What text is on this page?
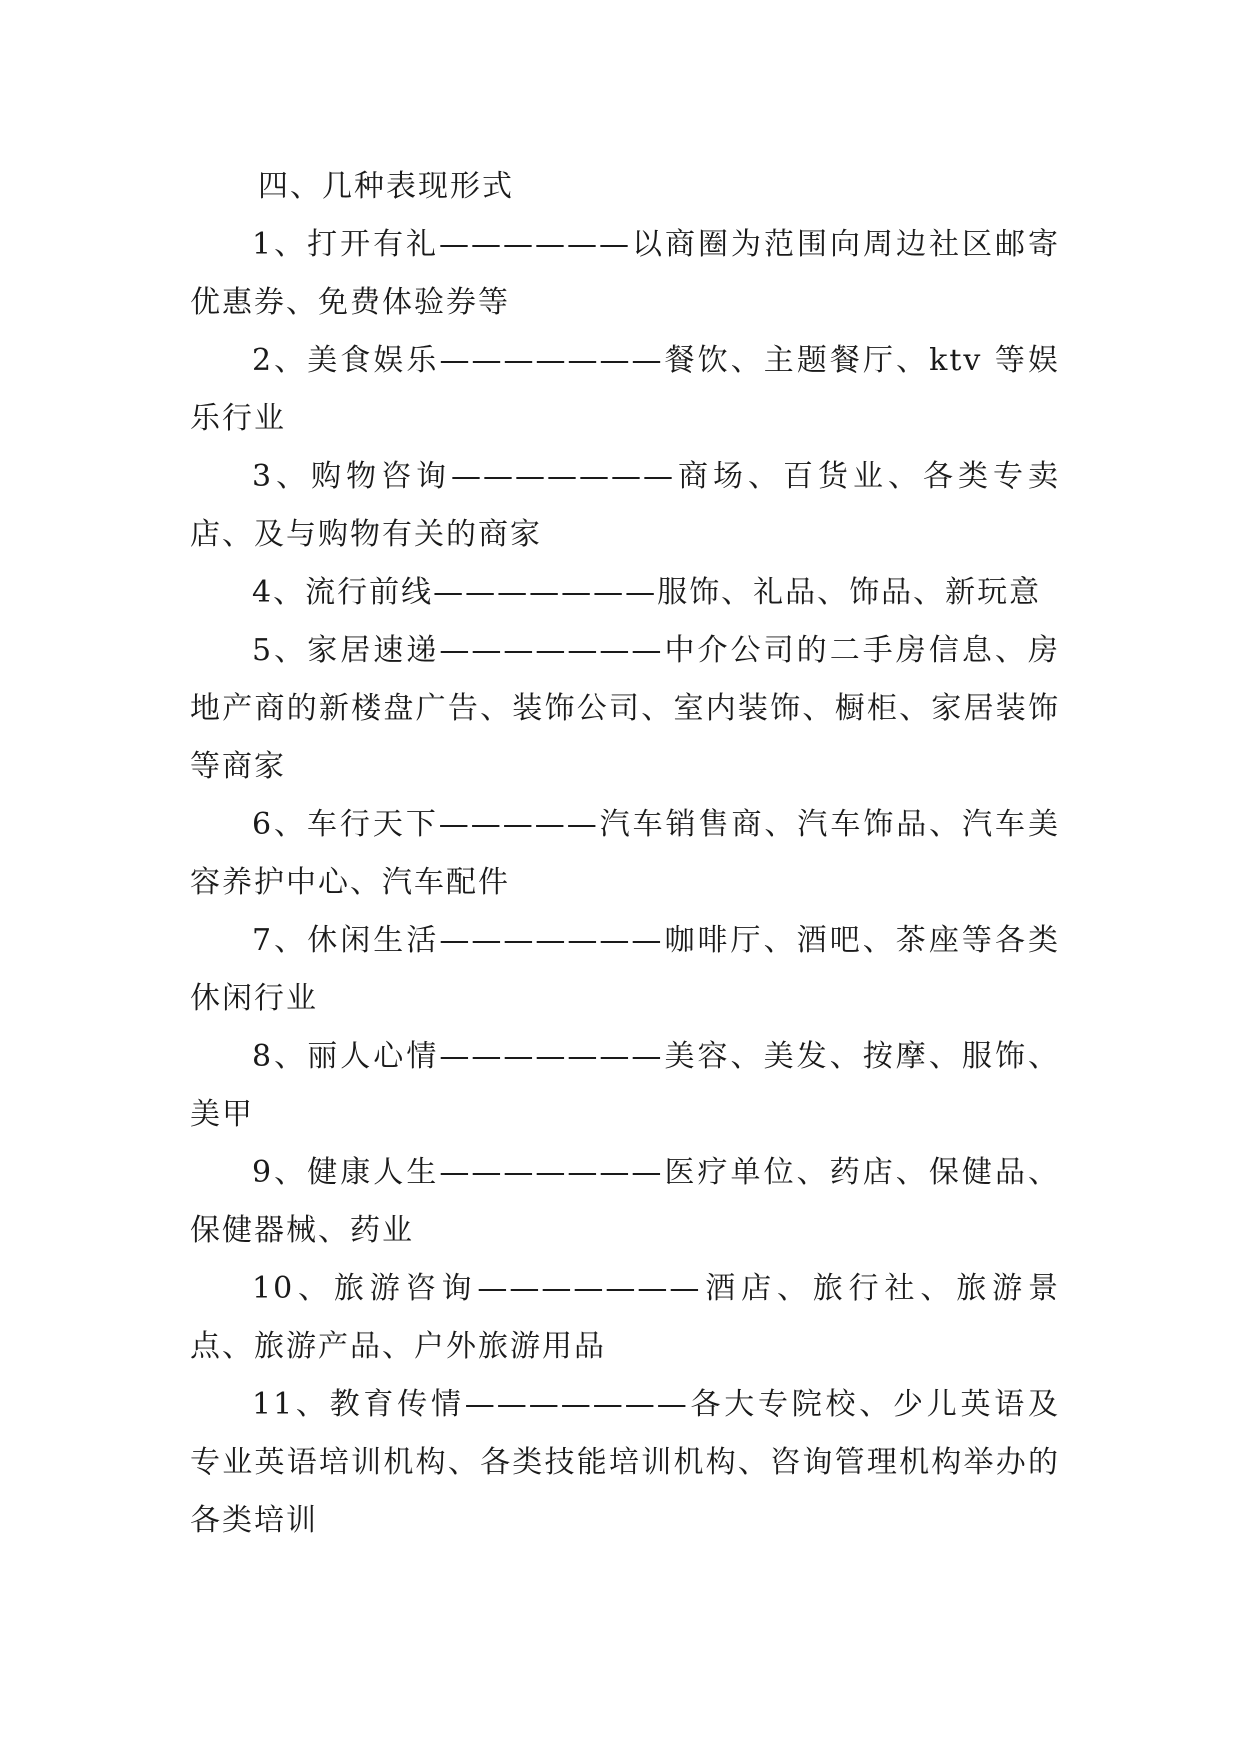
四、几种表现形式

1、打开有礼——————以商圈为范围向周边社区邮寄优惠券、免费体验券等

2、美食娱乐———————餐饮、主题餐厅、ktv 等娱乐行业

3、购物咨询———————商场、百货业、各类专卖店、及与购物有关的商家

4、流行前线———————服饰、礼品、饰品、新玩意

5、家居速递———————中介公司的二手房信息、房地产商的新楼盘广告、装饰公司、室内装饰、橱柜、家居装饰等商家

6、车行天下—————汽车销售商、汽车饰品、汽车美容养护中心、汽车配件

7、休闲生活———————咖啡厅、酒吧、茶座等各类休闲行业

8、丽人心情———————美容、美发、按摩、服饰、美甲

9、健康人生———————医疗单位、药店、保健品、保健器械、药业

10、旅游咨询———————酒店、旅行社、旅游景点、旅游产品、户外旅游用品

11、教育传情———————各大专院校、少儿英语及专业英语培训机构、各类技能培训机构、咨询管理机构举办的各类培训
